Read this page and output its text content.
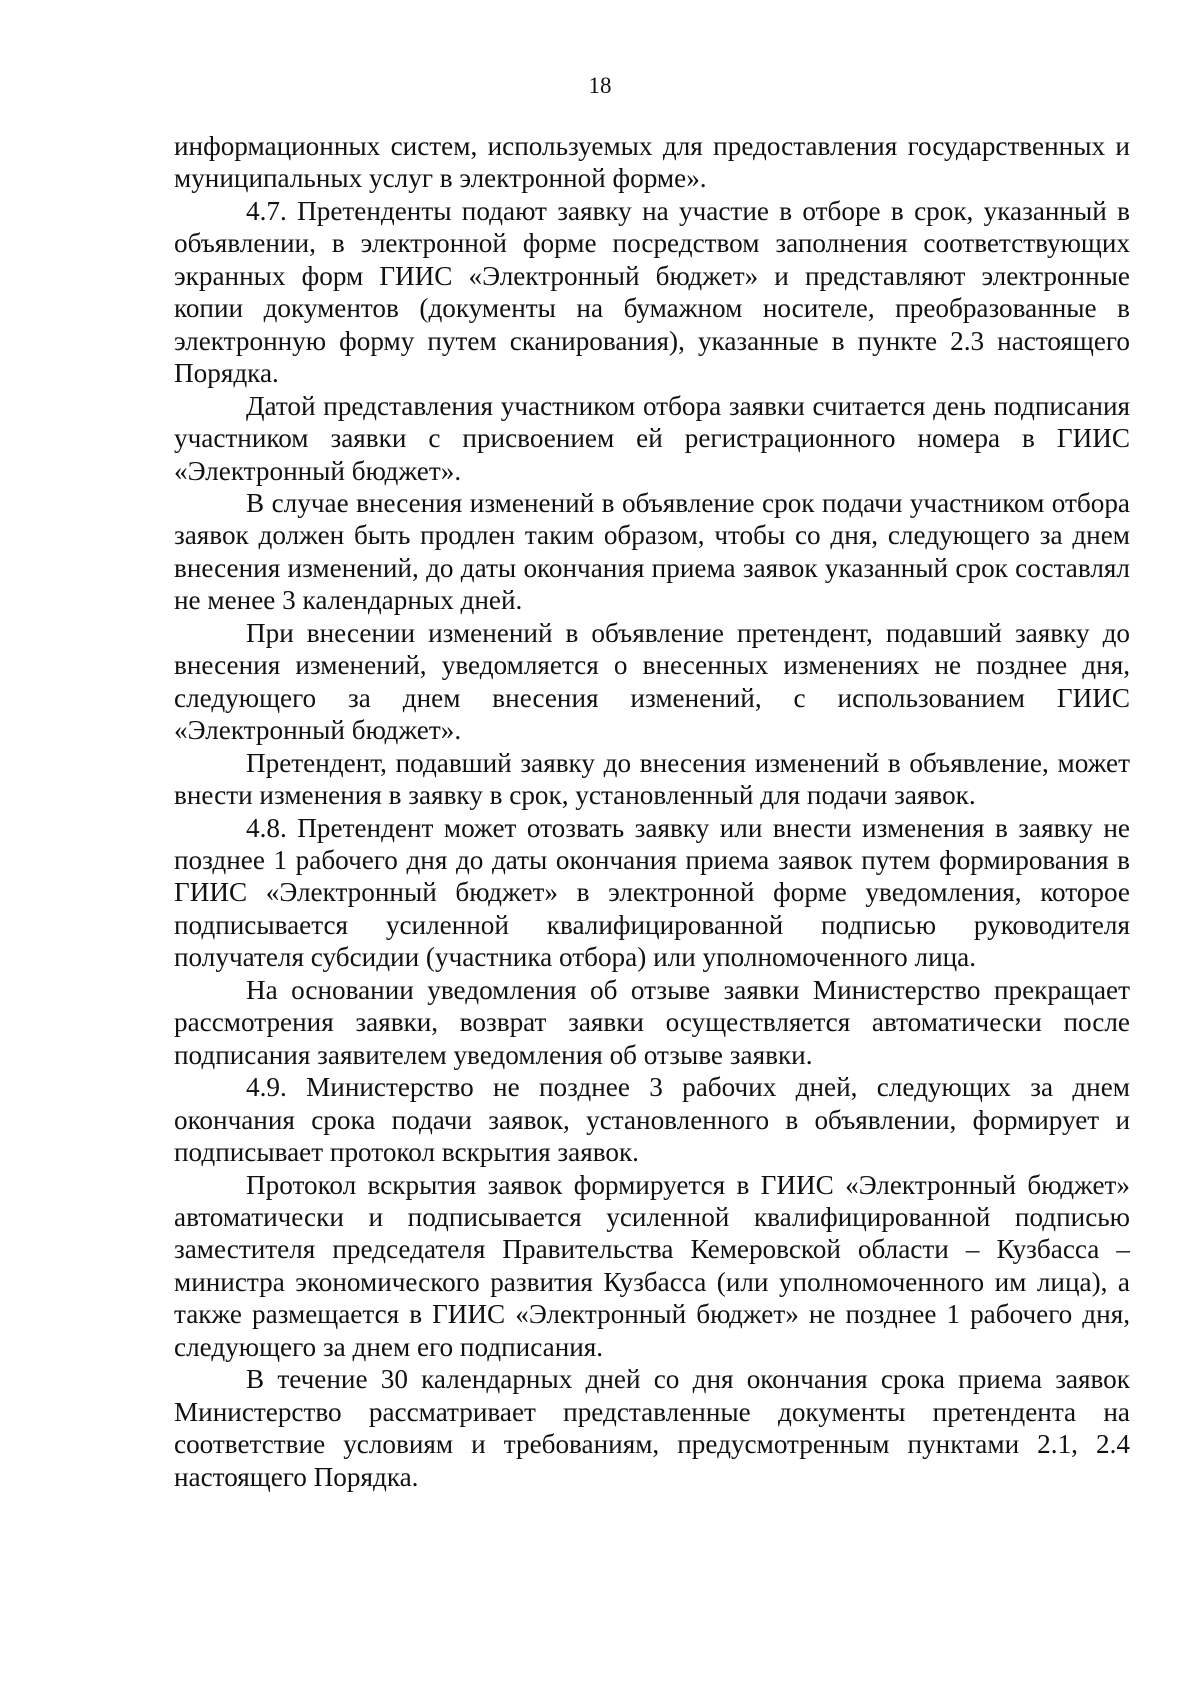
18

информационных систем, используемых для предоставления государственных и муниципальных услуг в электронной форме».

4.7. Претенденты подают заявку на участие в отборе в срок, указанный в объявлении, в электронной форме посредством заполнения соответствующих экранных форм ГИИС «Электронный бюджет» и представляют электронные копии документов (документы на бумажном носителе, преобразованные в электронную форму путем сканирования), указанные в пункте 2.3 настоящего Порядка.

Датой представления участником отбора заявки считается день подписания участником заявки с присвоением ей регистрационного номера в ГИИС «Электронный бюджет».

В случае внесения изменений в объявление срок подачи участником отбора заявок должен быть продлен таким образом, чтобы со дня, следующего за днем внесения изменений, до даты окончания приема заявок указанный срок составлял не менее 3 календарных дней.

При внесении изменений в объявление претендент, подавший заявку до внесения изменений, уведомляется о внесенных изменениях не позднее дня, следующего за днем внесения изменений, с использованием ГИИС «Электронный бюджет».

Претендент, подавший заявку до внесения изменений в объявление, может внести изменения в заявку в срок, установленный для подачи заявок.

4.8. Претендент может отозвать заявку или внести изменения в заявку не позднее 1 рабочего дня до даты окончания приема заявок путем формирования в ГИИС «Электронный бюджет» в электронной форме уведомления, которое подписывается усиленной квалифицированной подписью руководителя получателя субсидии (участника отбора) или уполномоченного лица.

На основании уведомления об отзыве заявки Министерство прекращает рассмотрения заявки, возврат заявки осуществляется автоматически после подписания заявителем уведомления об отзыве заявки.

4.9. Министерство не позднее 3 рабочих дней, следующих за днем окончания срока подачи заявок, установленного в объявлении, формирует и подписывает протокол вскрытия заявок.

Протокол вскрытия заявок формируется в ГИИС «Электронный бюджет» автоматически и подписывается усиленной квалифицированной подписью заместителя председателя Правительства Кемеровской области – Кузбасса – министра экономического развития Кузбасса (или уполномоченного им лица), а также размещается в ГИИС «Электронный бюджет» не позднее 1 рабочего дня, следующего за днем его подписания.

В течение 30 календарных дней со дня окончания срока приема заявок Министерство рассматривает представленные документы претендента на соответствие условиям и требованиям, предусмотренным пунктами 2.1, 2.4 настоящего Порядка.
